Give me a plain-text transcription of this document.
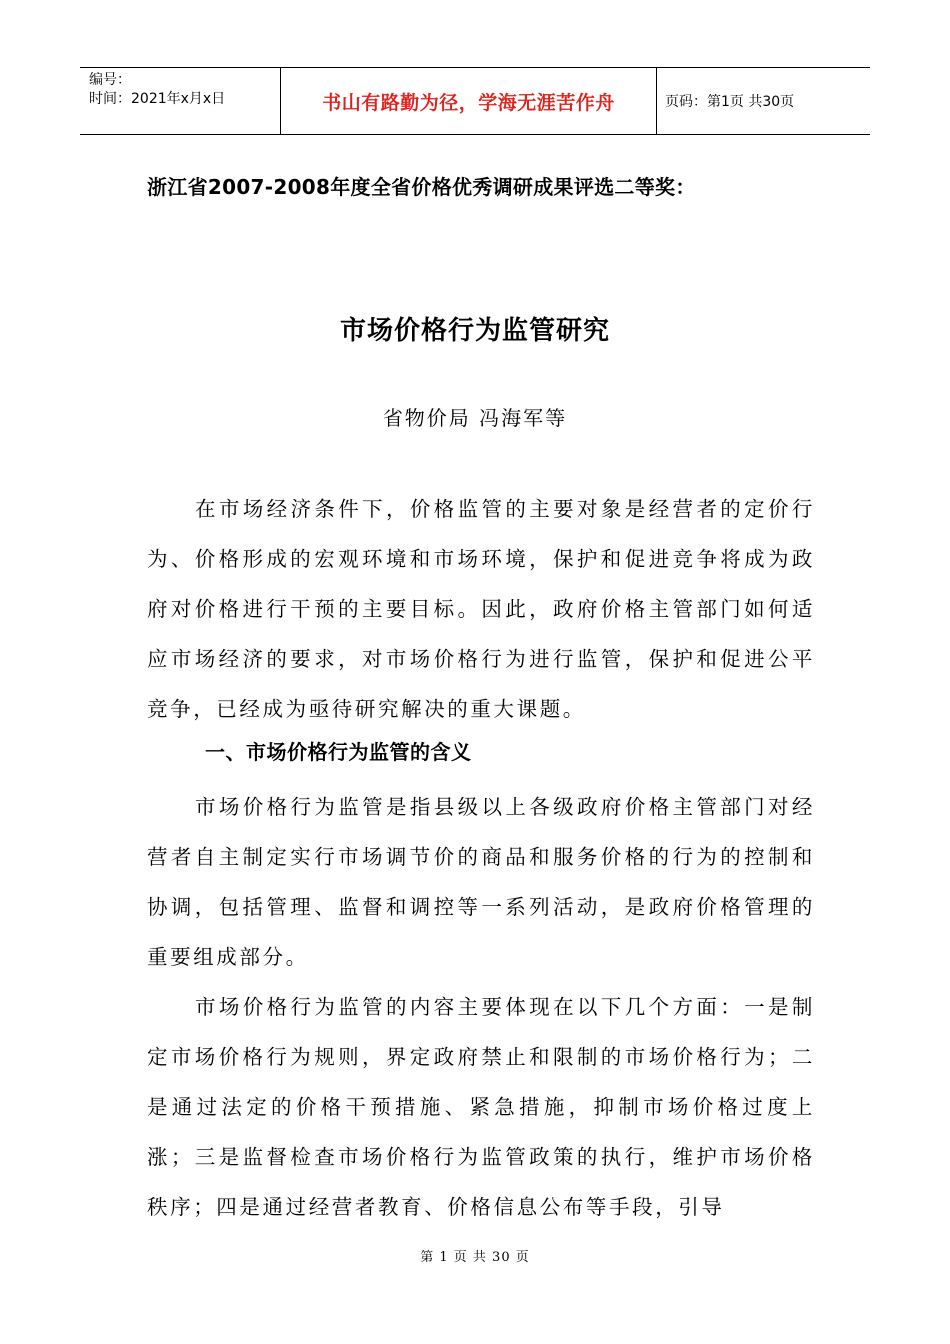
编号：
时间：2021年x月x日	书山有路勤为径，学海无涯苦作舟	页码：第1页 共30页
浙江省2007-2008年度全省价格优秀调研成果评选二等奖：
市场价格行为监管研究
省物价局 冯海军等

在市场经济条件下，价格监管的主要对象是经营者的定价行为、价格形成的宏观环境和市场环境，保护和促进竞争将成为政府对价格进行干预的主要目标。因此，政府价格主管部门如何适应市场经济的要求，对市场价格行为进行监管，保护和促进公平竞争，已经成为亟待研究解决的重大课题。

一、市场价格行为监管的含义

市场价格行为监管是指县级以上各级政府价格主管部门对经营者自主制定实行市场调节价的商品和服务价格的行为的控制和协调，包括管理、监督和调控等一系列活动，是政府价格管理的重要组成部分。

市场价格行为监管的内容主要体现在以下几个方面：一是制定市场价格行为规则，界定政府禁止和限制的市场价格行为；二是通过法定的价格干预措施、紧急措施，抑制市场价格过度上涨；三是监督检查市场价格行为监管政策的执行，维护市场价格秩序；四是通过经营者教育、价格信息公布等手段，引导

第 1 页 共 30 页
